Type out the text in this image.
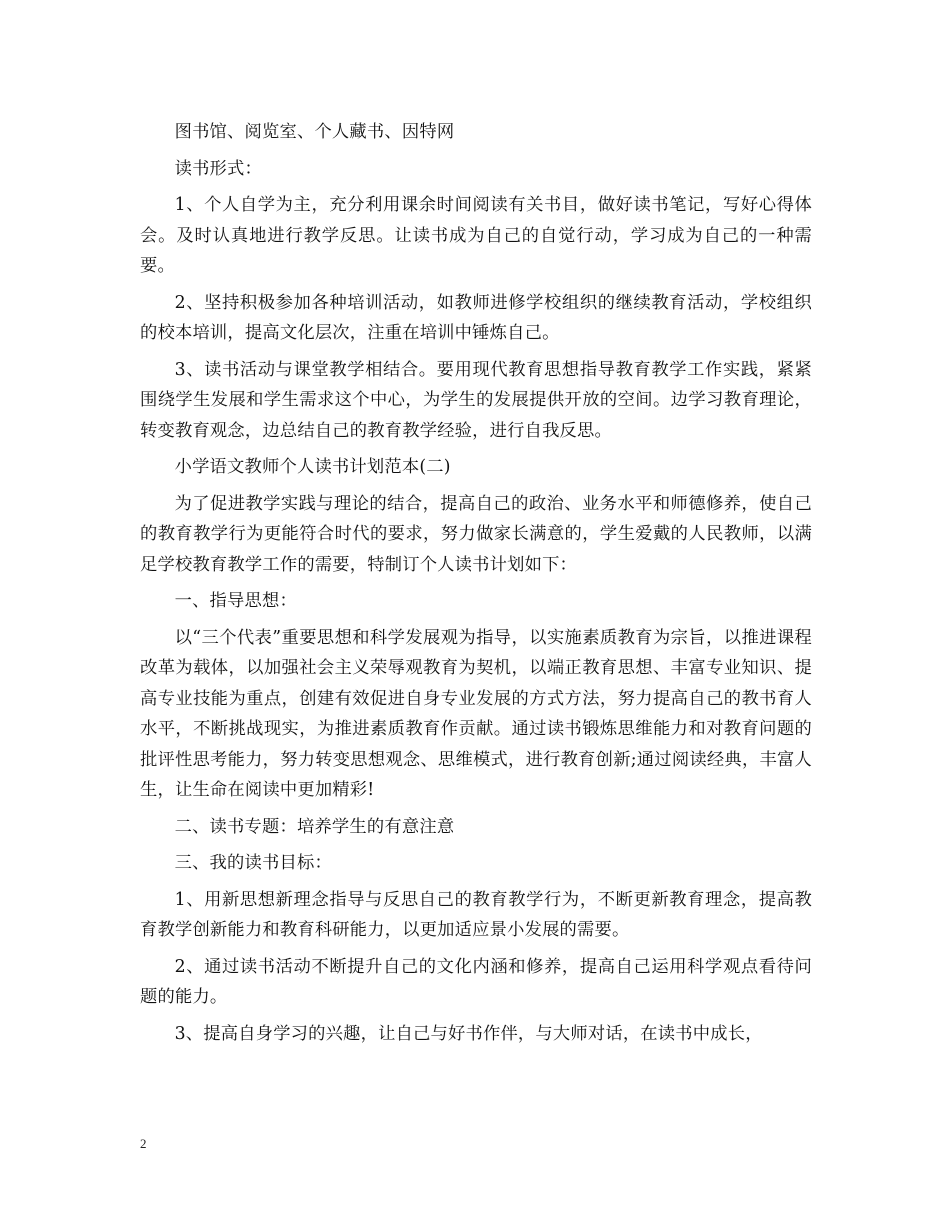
图书馆、阅览室、个人藏书、因特网

读书形式：

1、个人自学为主，充分利用课余时间阅读有关书目，做好读书笔记，写好心得体会。及时认真地进行教学反思。让读书成为自己的自觉行动，学习成为自己的一种需要。

2、坚持积极参加各种培训活动，如教师进修学校组织的继续教育活动，学校组织的校本培训，提高文化层次，注重在培训中锤炼自己。

3、读书活动与课堂教学相结合。要用现代教育思想指导教育教学工作实践，紧紧围绕学生发展和学生需求这个中心，为学生的发展提供开放的空间。边学习教育理论，转变教育观念，边总结自己的教育教学经验，进行自我反思。

小学语文教师个人读书计划范本(二)

为了促进教学实践与理论的结合，提高自己的政治、业务水平和师德修养，使自己的教育教学行为更能符合时代的要求，努力做家长满意的，学生爱戴的人民教师，以满足学校教育教学工作的需要，特制订个人读书计划如下：

一、指导思想：

以“三个代表”重要思想和科学发展观为指导，以实施素质教育为宗旨，以推进课程改革为载体，以加强社会主义荣辱观教育为契机，以端正教育思想、丰富专业知识、提高专业技能为重点，创建有效促进自身专业发展的方式方法，努力提高自己的教书育人水平，不断挑战现实，为推进素质教育作贡献。通过读书锻炼思维能力和对教育问题的批评性思考能力，努力转变思想观念、思维模式，进行教育创新;通过阅读经典，丰富人生，让生命在阅读中更加精彩!

二、读书专题：培养学生的有意注意

三、我的读书目标：

1、用新思想新理念指导与反思自己的教育教学行为，不断更新教育理念，提高教育教学创新能力和教育科研能力，以更加适应景小发展的需要。

2、通过读书活动不断提升自己的文化内涵和修养，提高自己运用科学观点看待问题的能力。

3、提高自身学习的兴趣，让自己与好书作伴，与大师对话，在读书中成长，

2
